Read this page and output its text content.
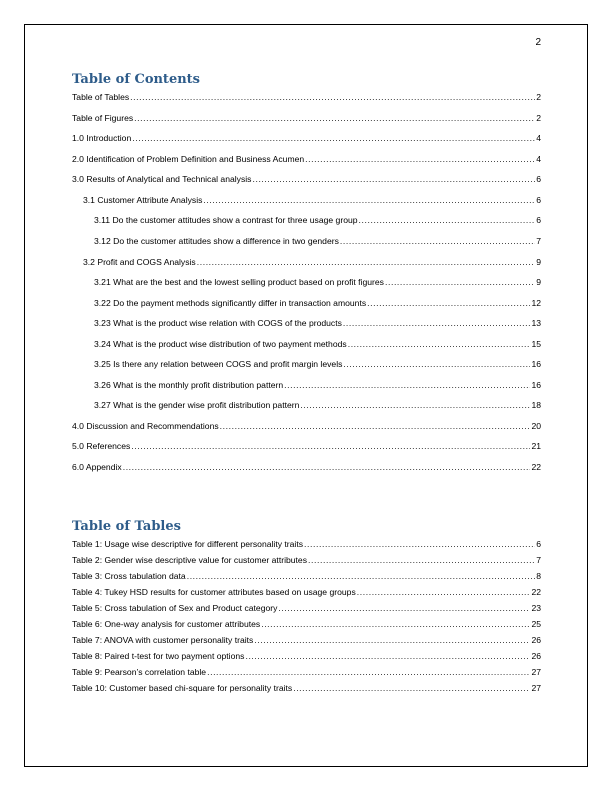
2
Table of Contents
Table of Tables .....	2
Table of Figures .....	2
1.0 Introduction .....	4
2.0 Identification of Problem Definition and Business Acumen .....	4
3.0 Results of Analytical and Technical analysis .....	6
3.1 Customer Attribute Analysis .....	6
3.11 Do the customer attitudes show a contrast for three usage group .....	6
3.12 Do the customer attitudes show a difference in two genders .....	7
3.2 Profit and COGS Analysis .....	9
3.21 What are the best and the lowest selling product based on profit figures .....	9
3.22 Do the payment methods significantly differ in transaction amounts .....	12
3.23 What is the product wise relation with COGS of the products .....	13
3.24 What is the product wise distribution of two payment methods .....	15
3.25 Is there any relation between COGS and profit margin levels .....	16
3.26 What is the monthly profit distribution pattern .....	16
3.27 What is the gender wise profit distribution pattern .....	18
4.0 Discussion and Recommendations .....	20
5.0 References .....	21
6.0 Appendix .....	22
Table of Tables
Table 1: Usage wise descriptive for different personality traits .....	6
Table 2: Gender wise descriptive value for customer attributes .....	7
Table 3: Cross tabulation data .....	8
Table 4: Tukey HSD results for customer attributes based on usage groups .....	22
Table 5: Cross tabulation of Sex and Product category .....	23
Table 6: One-way analysis for customer attributes .....	25
Table 7: ANOVA with customer personality traits .....	26
Table 8: Paired t-test for two payment options .....	26
Table 9: Pearson’s correlation table .....	27
Table 10: Customer based chi-square for personality traits .....	27
